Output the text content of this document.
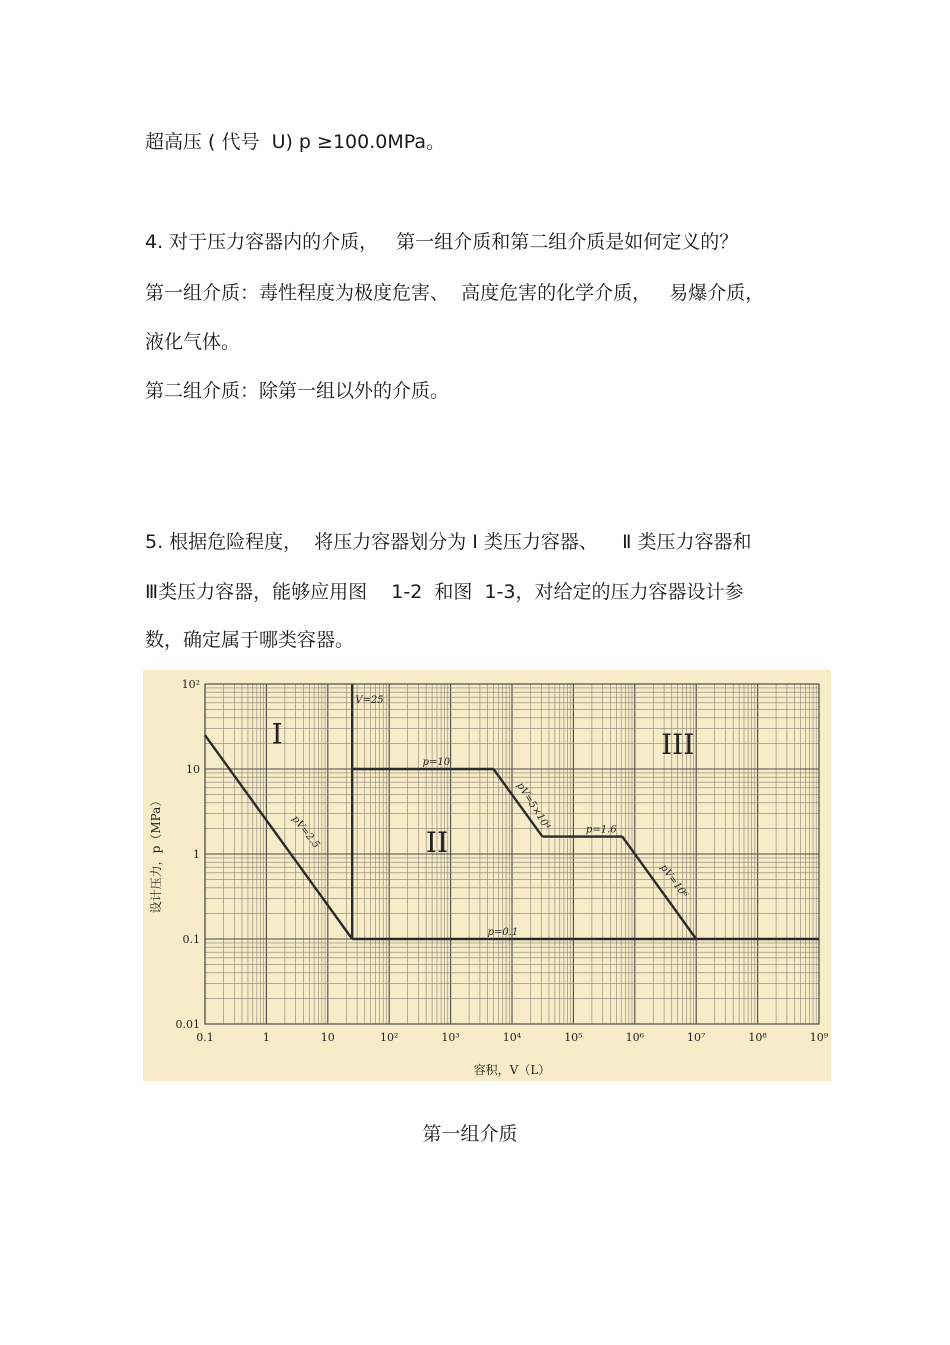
超高压 ( 代号  U) p ≥100.0MPa。

4. 对于压力容器内的介质，   第一组介质和第二组介质是如何定义的？

第一组介质：毒性程度为极度危害、  高度危害的化学介质，   易爆介质，

液化气体。

第二组介质：除第一组以外的介质。

5. 根据危险程度，  将压力容器划分为 Ⅰ 类压力容器、    Ⅱ 类压力容器和

Ⅲ类压力容器，能够应用图    1-2  和图  1-3，对给定的压力容器设计参

数，确定属于哪类容器。

0.1	1	10	10²	10³	10⁴	10⁵	10⁶	10⁷	10⁸	10⁹
0.01
0.1
1
10
10²
容积，V（L）
设计压力，p（MPa）
V=25
p=10
pV=5×10⁴	p=1.6
pV=10⁶
p=0.1
pV=2.5
I
II
III

第一组介质
